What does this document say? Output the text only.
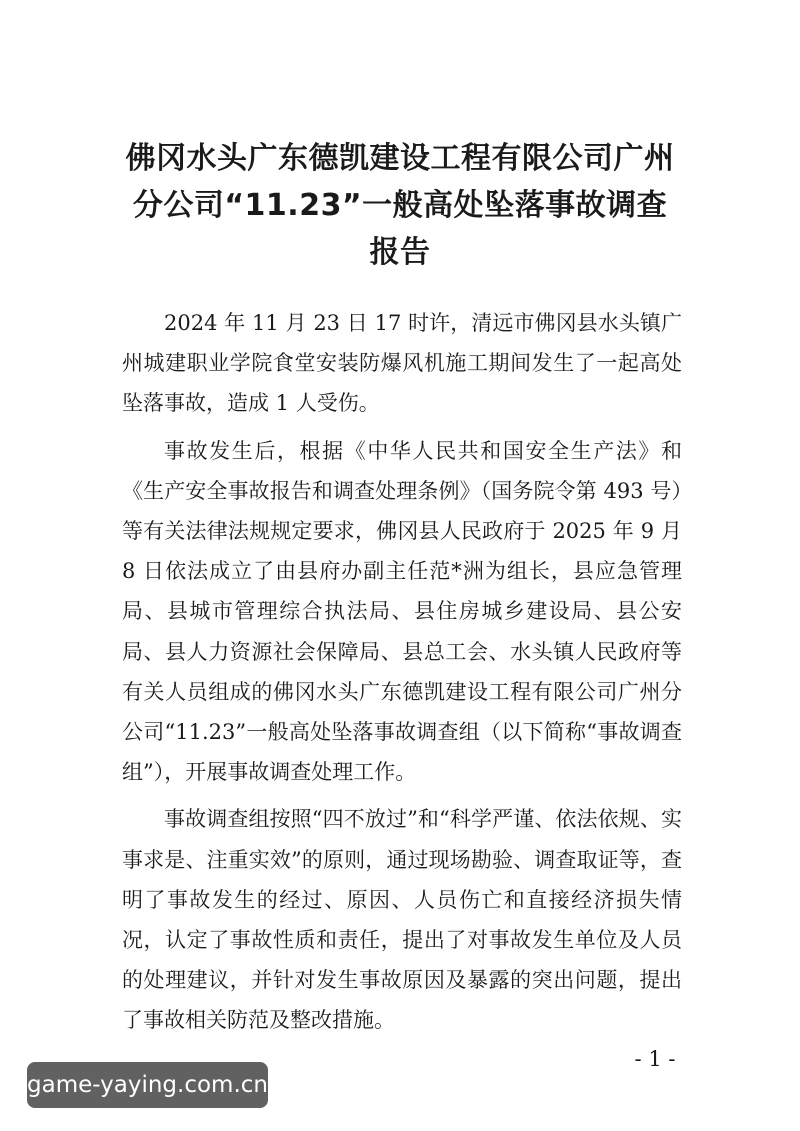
佛冈水头广东德凯建设工程有限公司广州
分公司“11.23”一般高处坠落事故调查
报告

2024 年 11 月 23 日 17 时许，清远市佛冈县水头镇广州城建职业学院食堂安装防爆风机施工期间发生了一起高处坠落事故，造成 1 人受伤。

事故发生后，根据《中华人民共和国安全生产法》和《生产安全事故报告和调查处理条例》（国务院令第 493 号）等有关法律法规规定要求，佛冈县人民政府于 2025 年 9 月 8 日依法成立了由县府办副主任范*洲为组长，县应急管理局、县城市管理综合执法局、县住房城乡建设局、县公安局、县人力资源社会保障局、县总工会、水头镇人民政府等有关人员组成的佛冈水头广东德凯建设工程有限公司广州分公司“11.23”一般高处坠落事故调查组（以下简称“事故调查组”），开展事故调查处理工作。

事故调查组按照“四不放过”和“科学严谨、依法依规、实事求是、注重实效”的原则，通过现场勘验、调查取证等，查明了事故发生的经过、原因、人员伤亡和直接经济损失情况，认定了事故性质和责任，提出了对事故发生单位及人员的处理建议，并针对发生事故原因及暴露的突出问题，提出了事故相关防范及整改措施。

- 1 -
game-yaying.com.cn
